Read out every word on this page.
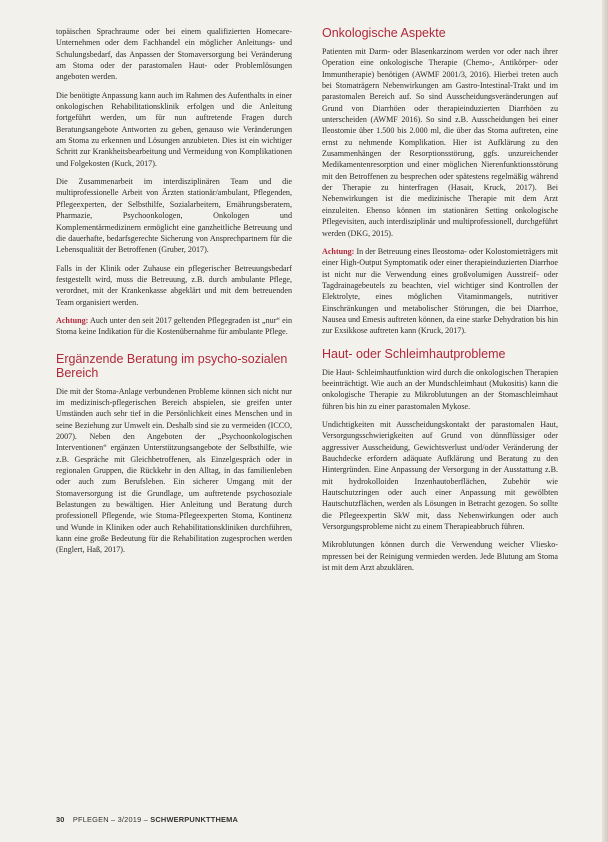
topäischen Sprachraume oder bei einem qualifizierten Homecare-Unternehmen oder dem Fachhandel ein möglicher Anleitungs- und Schulungsbedarf, das Anpassen der Stomaversorgung bei Veränderung am Stoma oder der parastomalen Haut- oder Problemlösungen angeboten werden.

Die benötigte Anpassung kann auch im Rahmen des Aufenthalts in einer onkologischen Rehabilitationsklinik erfolgen und die Anleitung fortgeführt werden, um für nun auftretende Fragen durch Beratungsangebote Antworten zu geben, genauso wie Veränderungen am Stoma zu erkennen und Lösungen anzubieten. Dies ist ein wichtiger Schritt zur Krankheitsbearbeitung und Vermeidung von Komplikationen und Folgekosten (Kuck, 2017).

Die Zusammenarbeit im interdisziplinären Team und die multiprofessionelle Arbeit von Ärzten stationär/ambulant, Pflegenden, Pflegeexperten, der Selbsthilfe, Sozialarbeitern, Ernährungsberatern, Pharmazie, Psychoonkologen, Onkologen und Komplementärmedizinern ermöglicht eine ganzheitliche Betreuung und die dauerhafte, bedarfsgerechte Sicherung von Ansprechpartnern für die Lebensqualität der Betroffenen (Gruber, 2017).

Falls in der Klinik oder Zuhause ein pflegerischer Betreuungsbedarf festgestellt wird, muss die Betreuung, z.B. durch ambulante Pflege, verordnet, mit der Krankenkasse abgeklärt und mit dem betreuenden Team organisiert werden.

Achtung: Auch unter den seit 2017 geltenden Pflegegraden ist „nur“ ein Stoma keine Indikation für die Kostenübernahme für ambulante Pflege.

Ergänzende Beratung im psycho-sozialen Bereich

Die mit der Stoma-Anlage verbundenen Probleme können sich nicht nur im medizinisch-pflegerischen Bereich abspielen, sie greifen unter Umständen auch sehr tief in die Persönlichkeit eines Menschen und in seine Beziehung zur Umwelt ein. Deshalb sind sie zu vermeiden (ICCO, 2007). Neben den Angeboten der „Psychoonkologischen Interventionen“ ergänzen Unterstützungsangebote der Selbsthilfe, wie z.B. Gespräche mit Gleichbetroffenen, als Einzelgespräch oder in regionalen Gruppen, die Rückkehr in den Alltag, in das familienleben oder auch zum Berufsleben. Ein sicherer Umgang mit der Stomaversorgung ist die Grundlage, um auftretende psychosoziale Belastungen zu bewältigen. Hier Anleitung und Beratung durch professionell Pflegende, wie Stoma-Pflegeexperten Stoma, Kontinenz und Wunde in Kliniken oder auch Rehabilitationskliniken durchführen, kann eine große Bedeutung für die Rehabilitation zugesprochen werden (Englert, Haß, 2017).

Onkologische Aspekte

Patienten mit Darm- oder Blasenkarzinom werden vor oder nach ihrer Operation eine onkologische Therapie (Chemo-, Antikörper- oder Immuntherapie) benötigen (AWMF 2001/3, 2016). Hierbei treten auch bei Stomaträgern Nebenwirkungen am Gastro-Intestinal-Trakt und im parastomalen Bereich auf. So sind Ausscheidungsveränderungen auf Grund von Diarrhöen oder therapieinduzierten Diarrhöen zu unterscheiden (AWMF 2016). So sind z.B. Ausscheidungen bei einer Ileostomie über 1.500 bis 2.000 ml, die über das Stoma auftreten, eine ernst zu nehmende Komplikation. Hier ist Aufklärung zu den Zusammenhängen der Resorptionsstörung, ggfs. unzureichender Medikamentenresorption und einer möglichen Nierenfunktionsstörung mit den Betroffenen zu besprechen oder spätestens regelmäßig während der Therapie zu hinterfragen (Hasait, Kruck, 2017). Bei Nebenwirkungen ist die medizinische Therapie mit dem Arzt einzuleiten. Ebenso können im stationären Setting onkologische Pflegevisiten, auch interdisziplinär und multiprofessionell, durchgeführt werden (DKG, 2015).

Achtung: In der Betreuung eines Ileostoma- oder Kolostomieträgers mit einer High-Output Symptomatik oder einer therapieinduzierten Diarrhoe ist nicht nur die Verwendung eines großvolumigen Ausstreif- oder Tagdrainagebeutels zu beachten, viel wichtiger sind Kontrollen der Elektrolyte, eines möglichen Vitaminmangels, nutritiver Einschränkungen und metabolischer Störungen, die bei Diarrhoe, Nausea und Emesis auftreten können, da eine starke Dehydration bis hin zur Exsikkose auftreten kann (Kruck, 2017).

Haut- oder Schleimhautprobleme

Die Haut- Schleimhautfunktion wird durch die onkologischen Therapien beeinträchtigt. Wie auch an der Mundschleimhaut (Mukositis) kann die onkologische Therapie zu Mikroblutungen an der Stomaschleimhaut führen bis hin zu einer parastomalen Mykose.

Undichtigkeiten mit Ausscheidungskontakt der parastomalen Haut, Versorgungsschwierigkeiten auf Grund von dünnflüssiger oder aggressiver Ausscheidung, Gewichtsverlust und/oder Veränderung der Bauchdecke erfordern adäquate Aufklärung und Beratung zu den Hintergründen. Eine Anpassung der Versorgung in der Ausstattung z.B. mit hydrokolloiden Inzenhautoberflächen, Zubehör wie Hautschutzringen oder auch einer Anpassung mit gewölbten Hautschutzflächen, werden als Lösungen in Betracht gezogen. So sollte die Pflegeexpertin SkW mit, dass Nebenwirkungen oder auch Versorgungsprobleme nicht zu einem Therapieabbruch führen.

Mikroblutungen können durch die Verwendung weicher Vlieskompressen bei der Reinigung vermieden werden. Jede Blutung am Stoma ist mit dem Arzt abzuklären.

30 PFLEGEN – 3/2019 – SCHWERPUNKTTHEMA
